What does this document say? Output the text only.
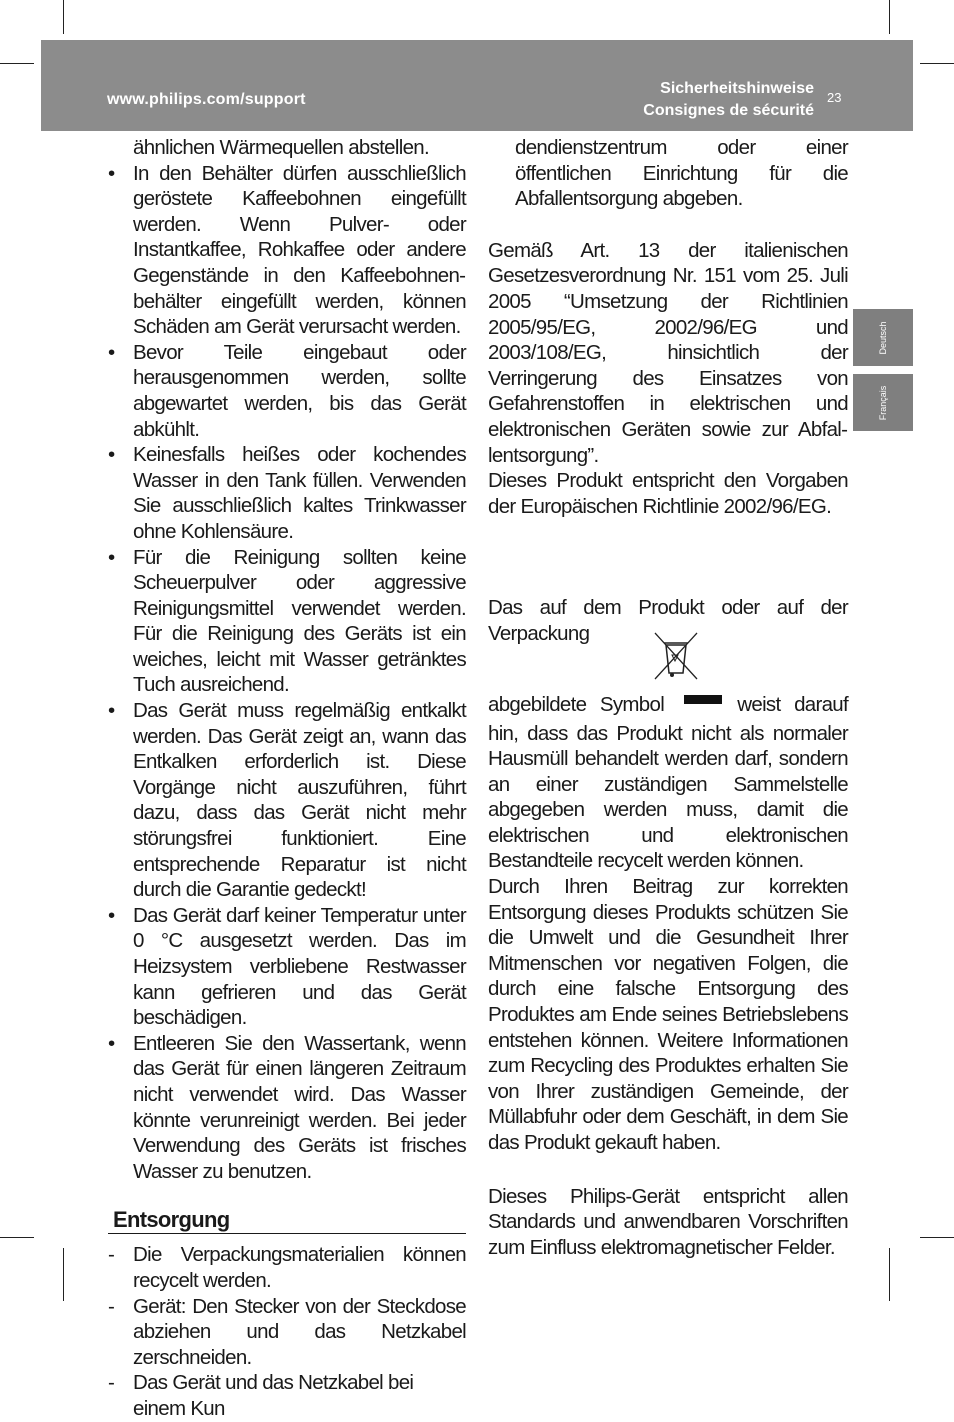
www.philips.com/support
Sicherheitshinweise
Consignes de sécurité
23
Deutsch
Français

ähnlichen Wärmequellen abstellen.

• In den Behälter dürfen ausschließlich geröstete Kaffeebohnen eingefüllt werden. Wenn Pulver- oder Instantkaffee, Rohkaffee oder andere Gegenstände in den Kaffeebohnenbehälter eingefüllt werden, können Schäden am Gerät verursacht werden.

• Bevor Teile eingebaut oder herausgenommen werden, sollte abgewartet werden, bis das Gerät abkühlt.

• Keinesfalls heißes oder kochendes Wasser in den Tank füllen. Verwenden Sie ausschließlich kaltes Trinkwasser ohne Kohlensäure.

• Für die Reinigung sollten keine Scheuerpulver oder aggressive Reinigungsmittel verwendet werden. Für die Reinigung des Geräts ist ein weiches, leicht mit Wasser getränktes Tuch ausreichend.

• Das Gerät muss regelmäßig entkalkt werden. Das Gerät zeigt an, wann das Entkalken erforderlich ist. Diese Vorgänge nicht auszuführen, führt dazu, dass das Gerät nicht mehr störungsfrei funktioniert. Eine entsprechende Reparatur ist nicht durch die Garantie gedeckt!

• Das Gerät darf keiner Temperatur unter 0 °C ausgesetzt werden. Das im Heizsystem verbliebene Restwasser kann gefrieren und das Gerät beschädigen.

• Entleeren Sie den Wassertank, wenn das Gerät für einen längeren Zeitraum nicht verwendet wird. Das Wasser könnte verunreinigt werden. Bei jeder Verwendung des Geräts ist frisches Wasser zu benutzen.

Entsorgung
- Die Verpackungsmaterialien können recycelt werden.

- Gerät: Den Stecker von der Steckdose abziehen und das Netzkabel zerschneiden.

- Das Gerät und das Netzkabel bei einem Kun

dendienstzentrum oder einer öffentlichen Einrichtung für die Abfallentsorgung abgeben.

Gemäß Art. 13 der italienischen Gesetzesverordnung Nr. 151 vom 25. Juli 2005 “Umsetzung der Richtlinien 2005/95/EG, 2002/96/EG und 2003/108/EG, hinsichtlich der Verringerung des Einsatzes von Gefahrenstoffen in elektrischen und elektronischen Geräten sowie zur Abfallentsorgung”.

Dieses Produkt entspricht den Vorgaben der Europäischen Richtlinie 2002/96/EG.

Das auf dem Produkt oder auf der Verpackung

abgebildete Symbol	weist darauf hin, dass das Produkt nicht als normaler Hausmüll behandelt werden darf, sondern an einer zuständigen Sammelstelle abgegeben werden muss, damit die elektrischen und elektronischen Bestandteile recycelt werden können.

Durch Ihren Beitrag zur korrekten Entsorgung dieses Produkts schützen Sie die Umwelt und die Gesundheit Ihrer Mitmenschen vor negativen Folgen, die durch eine falsche Entsorgung des Produktes am Ende seines Betriebslebens entstehen können. Weitere Informationen zum Recycling des Produktes erhalten Sie von Ihrer zuständigen Gemeinde, der Müllabfuhr oder dem Geschäft, in dem Sie das Produkt gekauft haben.

Dieses Philips-Gerät entspricht allen Standards und anwendbaren Vorschriften zum Einfluss elektromagnetischer Felder.
